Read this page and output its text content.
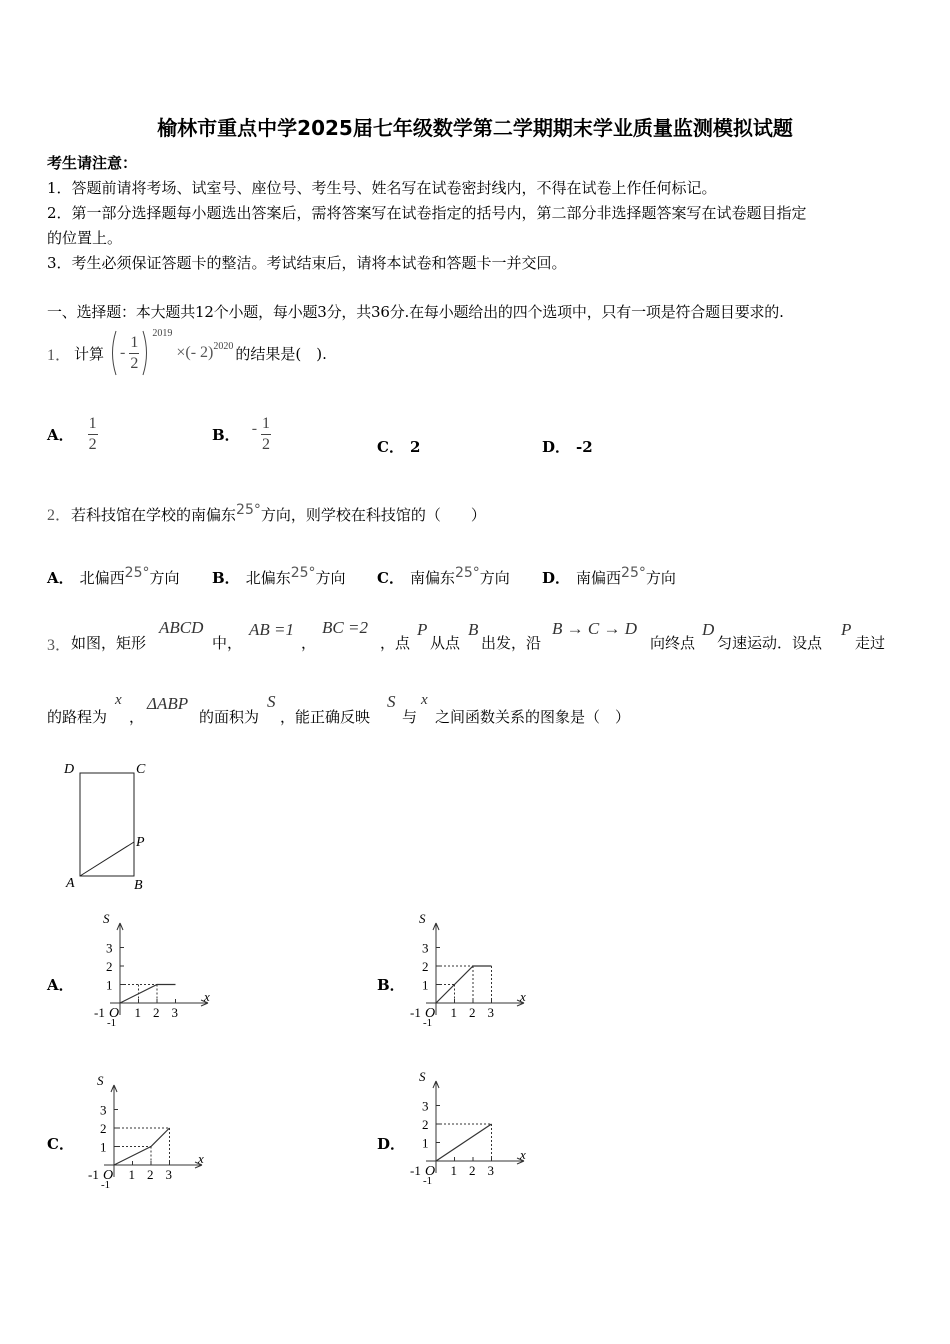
榆林市重点中学2025届七年级数学第二学期期末学业质量监测模拟试题
考生请注意：
1．答题前请将考场、试室号、座位号、考生号、姓名写在试卷密封线内，不得在试卷上作任何标记。
2．第一部分选择题每小题选出答案后，需将答案写在试卷指定的括号内，第二部分非选择题答案写在试卷题目指定
的位置上。
3．考生必须保证答题卡的整洁。考试结束后，请将本试卷和答题卡一并交回。
一、选择题：本大题共12个小题，每小题3分，共36分.在每小题给出的四个选项中，只有一项是符合题目要求的.
1． 计算 - $\frac{1}{2} 2019$
×(- 2) 2020 的结果是(　).
A． $\frac{1}{2}$	B． - $\frac{1}{2}$	C． 2	D． -2
2．若科技馆在学校的南偏东25°方向，则学校在科技馆的（　　）
A． 北偏西25°方向 B． 北偏东25°方向 C． 南偏东25°方向 D． 南偏西25°方向
3． 如图，矩形
ABCD
中，
AB =1
，
BC =2
，点
P
从点
B
出发，沿
B → C → D
向终点
D
匀速运动．设点
P
走过
的路程为
x
，
ΔABP
的面积为
S
，能正确反映
S
与
x
之间函数关系的图象是（　）
D	C
P
A	B
A．	B．
C．	D．
S
x
O
-1
-1
1
1
2
2
3
3
S
x
O
-1
-1
1
1
2
2
3
3
S
x
O
-1
-1
1
1
2
2
3
3
S
x
O
-1
-1
1
1
2
2
3
3
